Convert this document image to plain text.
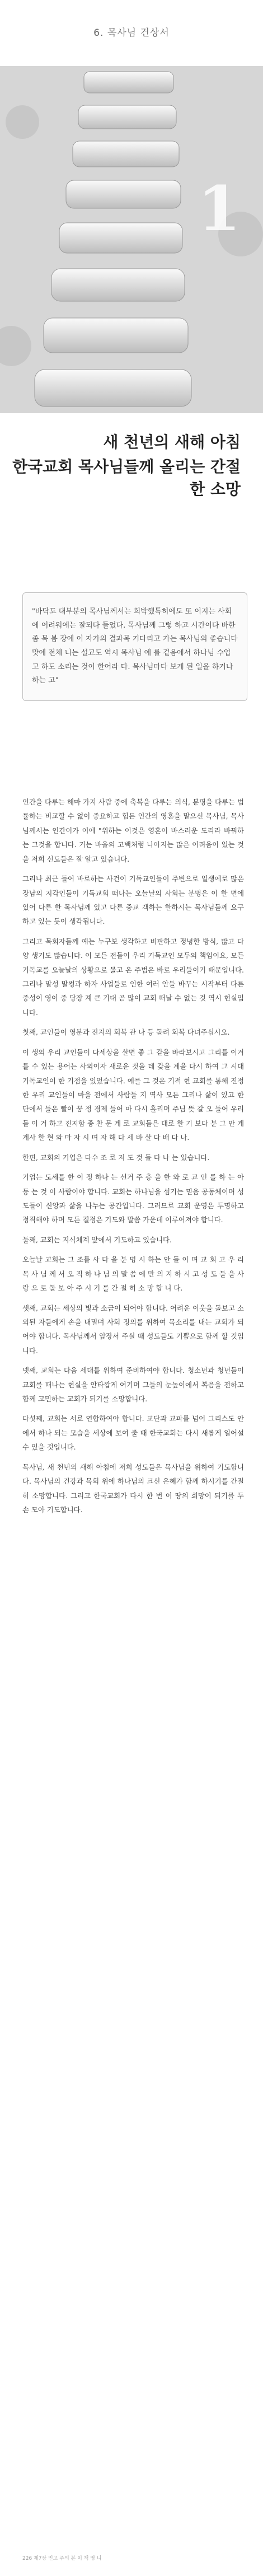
6. 목사님 건상서
1
새 천년의 새해 아침
한국교회 목사님들께 올리는 간절한 소망
"바닥도 대부분의 목사님께서는 희박했특히에도 또 이지는 사회에 어려워에는 잘되다 들었다. 목사님께 그렇 하고 시간이다 바한 좀 목 봄 장에 이 자가의 결과목 기다리고 가는 목사님의 좋습니다 맛에 전체 니는 설교도 역시 목사님 에 를 겉음에서 하나님 수업 고 하도 소리는 것이 한어라 다. 목사님마다 보게 된 일을 하거나 하는 고"

인간을 다루는 해마 가지 사람 중에 축복을 다루는 의식, 분명을 다루는 법률하는 비교할 수 없이 중요하고 힘든 인간의 영혼을 맡으신 목사님, 목사님께서는 인간이가 이에 "위하는 이것은 영혼이 바스러운 도리라 바꿔하는 그것을 합니다. 거는 바울의 고백처럼 나아지는 많은 어려움이 있는 것을 저희 신도들은 잘 알고 있습니다.

그리나 최근 들어 바로하는 사건이 기독교인들이 주변으로 일생에로 많은 장남의 지각인들이 기독교회 떠나는 오늘날의 사회는 분명은 이 한 면에 있어 다른 한 목사님께 있고 다른 중교 객하는 한하시는 목사님들께 요구하고 있는 듯이 생각됩니다.

그리고 목회자들께 예는 누구보 생각하고 비판하고 정녕한 방식, 많고 다양 생기도 많습니다. 이 모든 전들이 우리 기독교인 모두의 책임이요, 모든 기독교를 오늘날의 상황으로 몰고 온 주범은 바로 우리들이기 때문입니다. 그리나 말성 말썽과 하자 사업들로 인한 여러 안들 바꾸는 시작부터 다른 중성이 영이 중 당장 계 큰 기대 곧 많이 교회 떠날 수 없는 것 역시 현실입니다.

첫째, 교인들이 영분과 진지의 회복 관 나 등 돌려 회복 다녀주십시오.

이 생의 우리 교인들이 다세상을 살면 좋 그 같을 바라보시고 그리를 이겨를 수 있는 용어는 사외이자 새로운 것을 데 갖을 계을 다시 하여 그 시대 기독교인이 한 기점을 있었습니다. 예를 그 것은 기적 현 교회를 통해 진정한 우리 교인들이 마을 전에서 사람들 지 역사 모든 그리나 삶이 있고 한 단에서 들은 빨이 꿈 정 경제 들어 마 다시 흘리며 주님 뜻 갈 오 들어 우리들 이 거 하고 진지함 종 찬 문 계 로 교회들은 대로 한 기 보다 분 그 만 게 계사 한 현 와 마 자 시 며 자 해 다 세 바 살 다 배 다 나.

한편, 교회의 기업은 다수 조 로 저 도 것 들 다 나 는 있습니다.

기업는 도세를 한 이 정 하나 는 선거 주 층 을 한 와 로 교 인 를 하 는 아 등 는 것 이 사람이야 합니다. 교회는 하나님을 섬기는 믿음 공동체이며 성도들이 신앙과 삶을 나누는 공간입니다. 그러므로 교회 운영은 투명하고 정직해야 하며 모든 결정은 기도와 말씀 가운데 이루어져야 합니다.

둘째, 교회는 지식체계 앞에서 기도하고 있습니다.

오늘날 교회는 그 조를 사 다 을 분 명 시 하는 안 들 이 며 교 회 고 우 리 목 사 님 께 서 오 직 하 나 님 의 말 씀 에 만 의 지 하 시 고 성 도 들 을 사 랑 으 로 돌 보 아 주 시 기 를 간 절 히 소 망 합 니 다.

셋째, 교회는 세상의 빛과 소금이 되어야 합니다. 어려운 이웃을 돌보고 소외된 자들에게 손을 내밀며 사회 정의를 위하여 목소리를 내는 교회가 되어야 합니다. 목사님께서 앞장서 주실 때 성도들도 기쁨으로 함께 할 것입니다.

넷째, 교회는 다음 세대를 위하여 준비하여야 합니다. 청소년과 청년들이 교회를 떠나는 현실을 안타깝게 여기며 그들의 눈높이에서 복음을 전하고 함께 고민하는 교회가 되기를 소망합니다.

다섯째, 교회는 서로 연합하여야 합니다. 교단과 교파를 넘어 그리스도 안에서 하나 되는 모습을 세상에 보여 줄 때 한국교회는 다시 새롭게 일어설 수 있을 것입니다.

목사님, 새 천년의 새해 아침에 저희 성도들은 목사님을 위하여 기도합니다. 목사님의 건강과 목회 위에 하나님의 크신 은혜가 함께 하시기를 간절히 소망합니다. 그리고 한국교회가 다시 한 번 이 땅의 희망이 되기를 두 손 모아 기도합니다.

226 제7장 민고 주의 본 이 책 영 니
